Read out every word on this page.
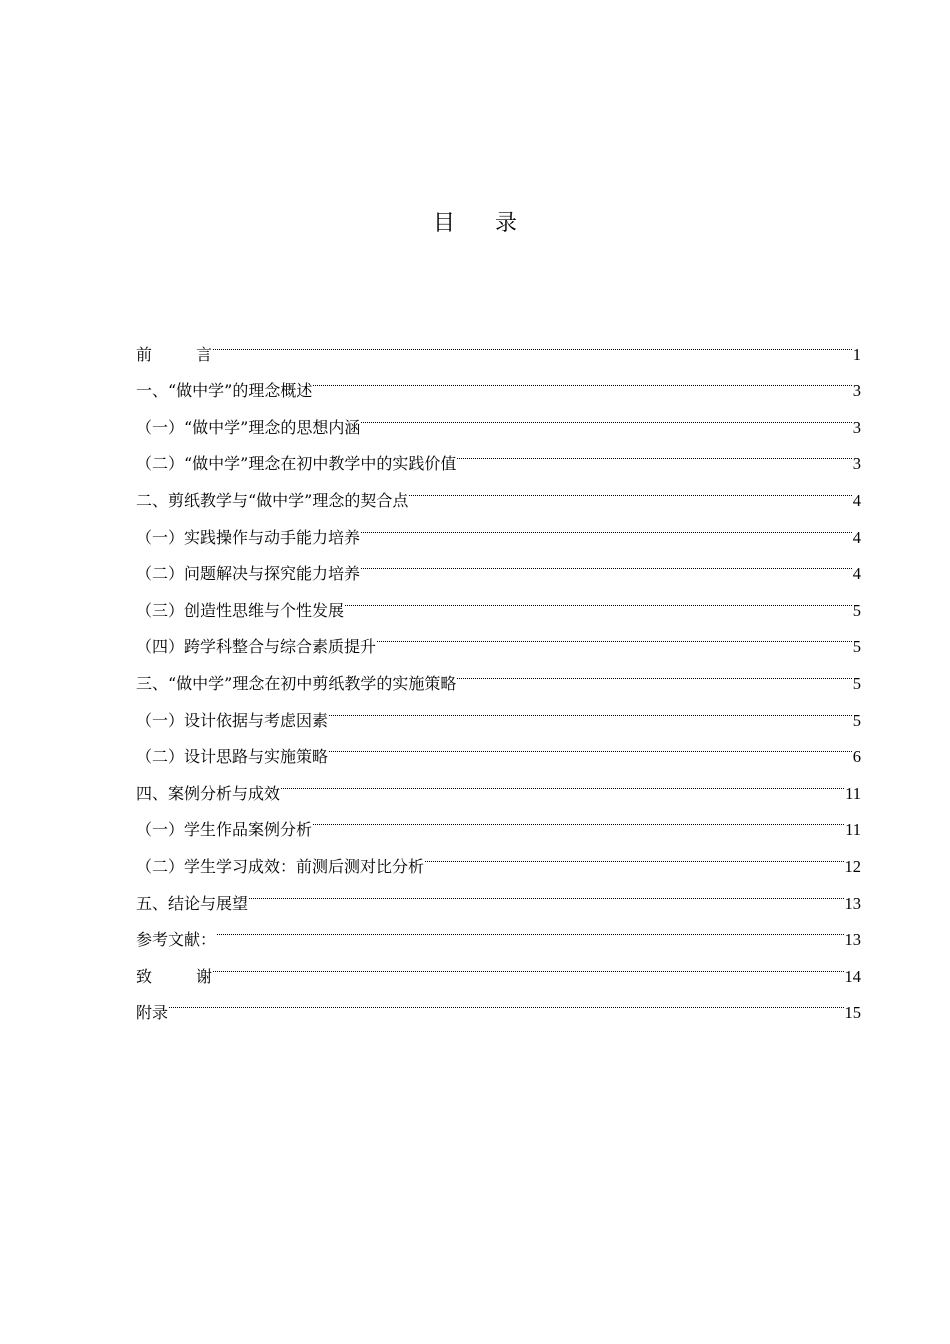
目 录
前	言	1
一、“做中学”的理念概述	3
（一）“做中学”理念的思想内涵	3
（二）“做中学”理念在初中教学中的实践价值	3
二、剪纸教学与“做中学”理念的契合点	4
（一）实践操作与动手能力培养	4
（二）问题解决与探究能力培养	4
（三）创造性思维与个性发展	5
（四）跨学科整合与综合素质提升	5
三、“做中学”理念在初中剪纸教学的实施策略	5
（一）设计依据与考虑因素	5
（二）设计思路与实施策略	6
四、案例分析与成效	11
（一）学生作品案例分析	11
（二）学生学习成效：前测后测对比分析	12
五、结论与展望	13
参考文献：	13
致	谢	14
附录	15
